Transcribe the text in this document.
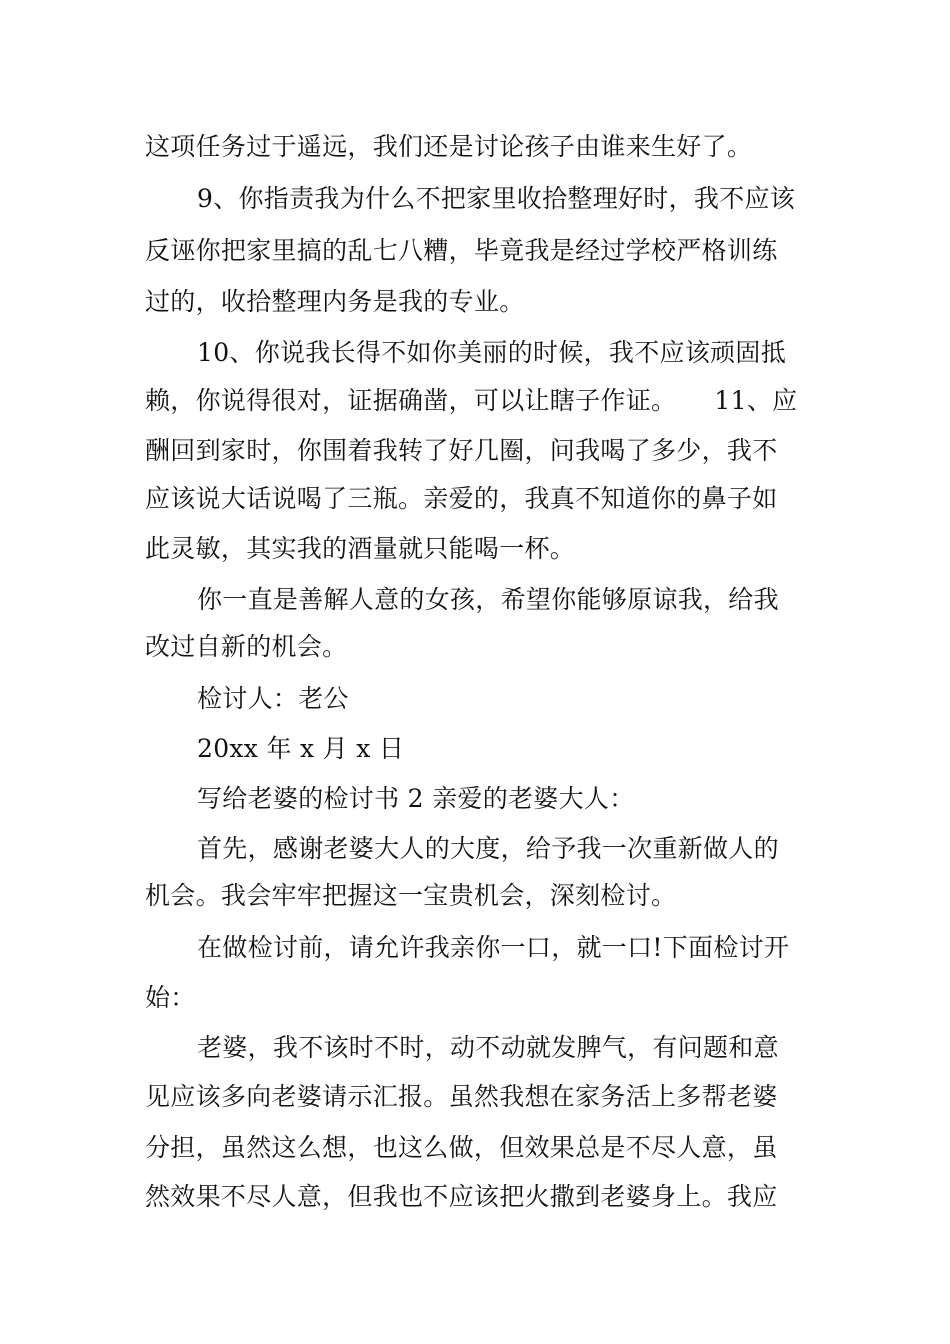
这项任务过于遥远，我们还是讨论孩子由谁来生好了。
9、你指责我为什么不把家里收拾整理好时，我不应该
反诬你把家里搞的乱七八糟，毕竟我是经过学校严格训练
过的，收拾整理内务是我的专业。
10、你说我长得不如你美丽的时候，我不应该顽固抵
赖，你说得很对，证据确凿，可以让瞎子作证。　　11、应
酬回到家时，你围着我转了好几圈，问我喝了多少，我不
应该说大话说喝了三瓶。亲爱的，我真不知道你的鼻子如
此灵敏，其实我的酒量就只能喝一杯。
你一直是善解人意的女孩，希望你能够原谅我，给我
改过自新的机会。
检讨人：老公
20xx 年 x 月 x 日
写给老婆的检讨书 2 亲爱的老婆大人：
首先，感谢老婆大人的大度，给予我一次重新做人的
机会。我会牢牢把握这一宝贵机会，深刻检讨。
在做检讨前，请允许我亲你一口，就一口!下面检讨开
始：
老婆，我不该时不时，动不动就发脾气，有问题和意
见应该多向老婆请示汇报。虽然我想在家务活上多帮老婆
分担，虽然这么想，也这么做，但效果总是不尽人意，虽
然效果不尽人意，但我也不应该把火撒到老婆身上。我应
